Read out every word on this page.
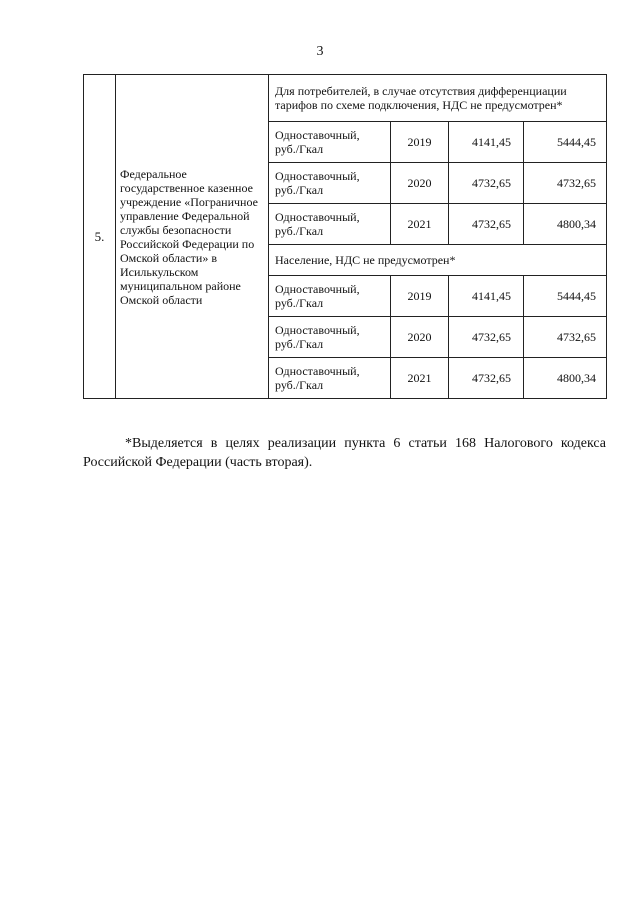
3
5.	Федеральное государственное казенное учреждение «Пограничное управление Федеральной службы безопасности Российской Федерации по Омской области» в Исилькульском муниципальном районе Омской области	Для потребителей, в случае отсутствия дифференциации тарифов по схеме подключения, НДС не предусмотрен*			
		Одноставочный, руб./Гкал	2019	4141,45	5444,45
		Одноставочный, руб./Гкал	2020	4732,65	4732,65
		Одноставочный, руб./Гкал	2021	4732,65	4800,34
		Население, НДС не предусмотрен*			
		Одноставочный, руб./Гкал	2019	4141,45	5444,45
		Одноставочный, руб./Гкал	2020	4732,65	4732,65
		Одноставочный, руб./Гкал	2021	4732,65	4800,34
*Выделяется в целях реализации пункта 6 статьи 168 Налогового кодекса Российской Федерации (часть вторая).
